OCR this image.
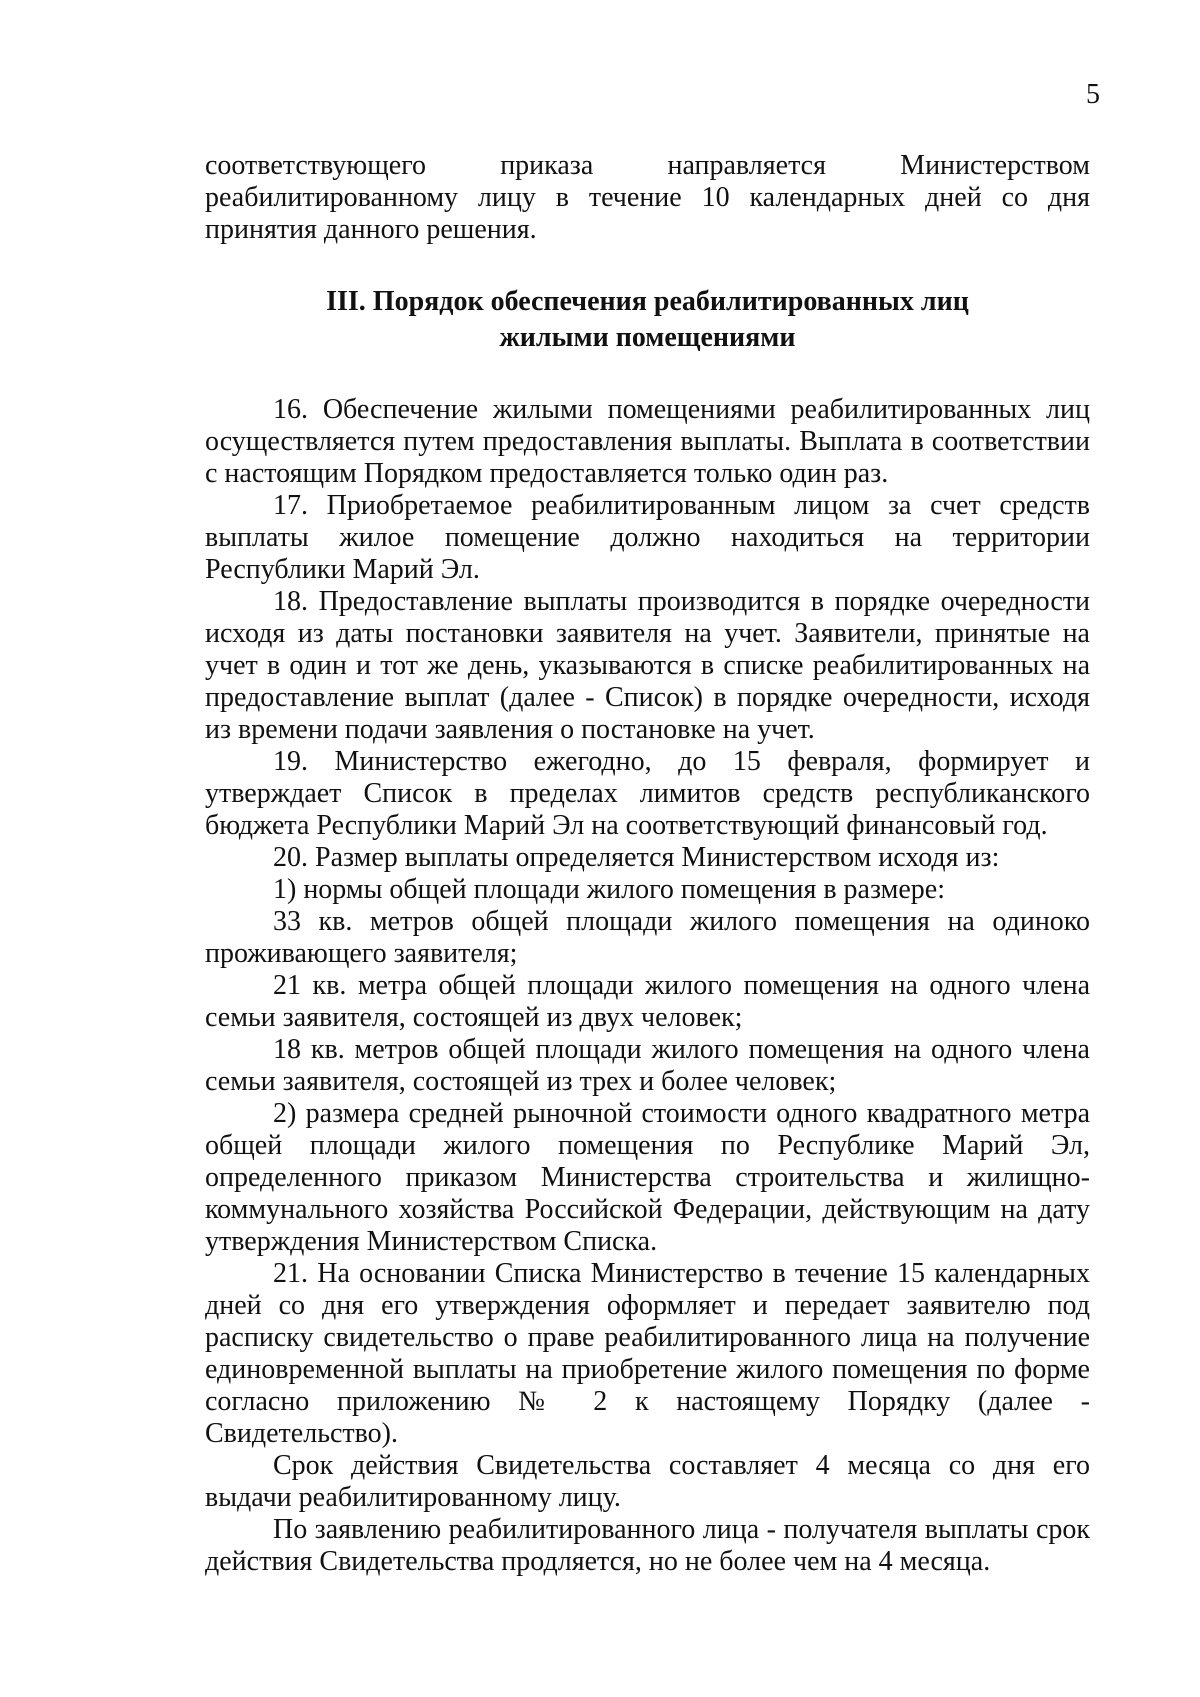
5

соответствующего приказа направляется Министерством реабилитированному лицу в течение 10 календарных дней со дня принятия данного решения.

III. Порядок обеспечения реабилитированных лиц
жилыми помещениями

16. Обеспечение жилыми помещениями реабилитированных лиц осуществляется путем предоставления выплаты. Выплата в соответствии с настоящим Порядком предоставляется только один раз.

17. Приобретаемое реабилитированным лицом за счет средств выплаты жилое помещение должно находиться на территории Республики Марий Эл.

18. Предоставление выплаты производится в порядке очередности исходя из даты постановки заявителя на учет. Заявители, принятые на учет в один и тот же день, указываются в списке реабилитированных на предоставление выплат (далее - Список) в порядке очередности, исходя из времени подачи заявления о постановке на учет.

19. Министерство ежегодно, до 15 февраля, формирует и утверждает Список в пределах лимитов средств республиканского бюджета Республики Марий Эл на соответствующий финансовый год.

20. Размер выплаты определяется Министерством исходя из:

1) нормы общей площади жилого помещения в размере:

33 кв. метров общей площади жилого помещения на одиноко проживающего заявителя;

21 кв. метра общей площади жилого помещения на одного члена семьи заявителя, состоящей из двух человек;

18 кв. метров общей площади жилого помещения на одного члена семьи заявителя, состоящей из трех и более человек;

2) размера средней рыночной стоимости одного квадратного метра общей площади жилого помещения по Республике Марий Эл, определенного приказом Министерства строительства и жилищно-коммунального хозяйства Российской Федерации, действующим на дату утверждения Министерством Списка.

21. На основании Списка Министерство в течение 15 календарных дней со дня его утверждения оформляет и передает заявителю под расписку свидетельство о праве реабилитированного лица на получение единовременной выплаты на приобретение жилого помещения по форме согласно приложению № 2 к настоящему Порядку (далее - Свидетельство).

Срок действия Свидетельства составляет 4 месяца со дня его выдачи реабилитированному лицу.

По заявлению реабилитированного лица - получателя выплаты срок действия Свидетельства продляется, но не более чем на 4 месяца.
